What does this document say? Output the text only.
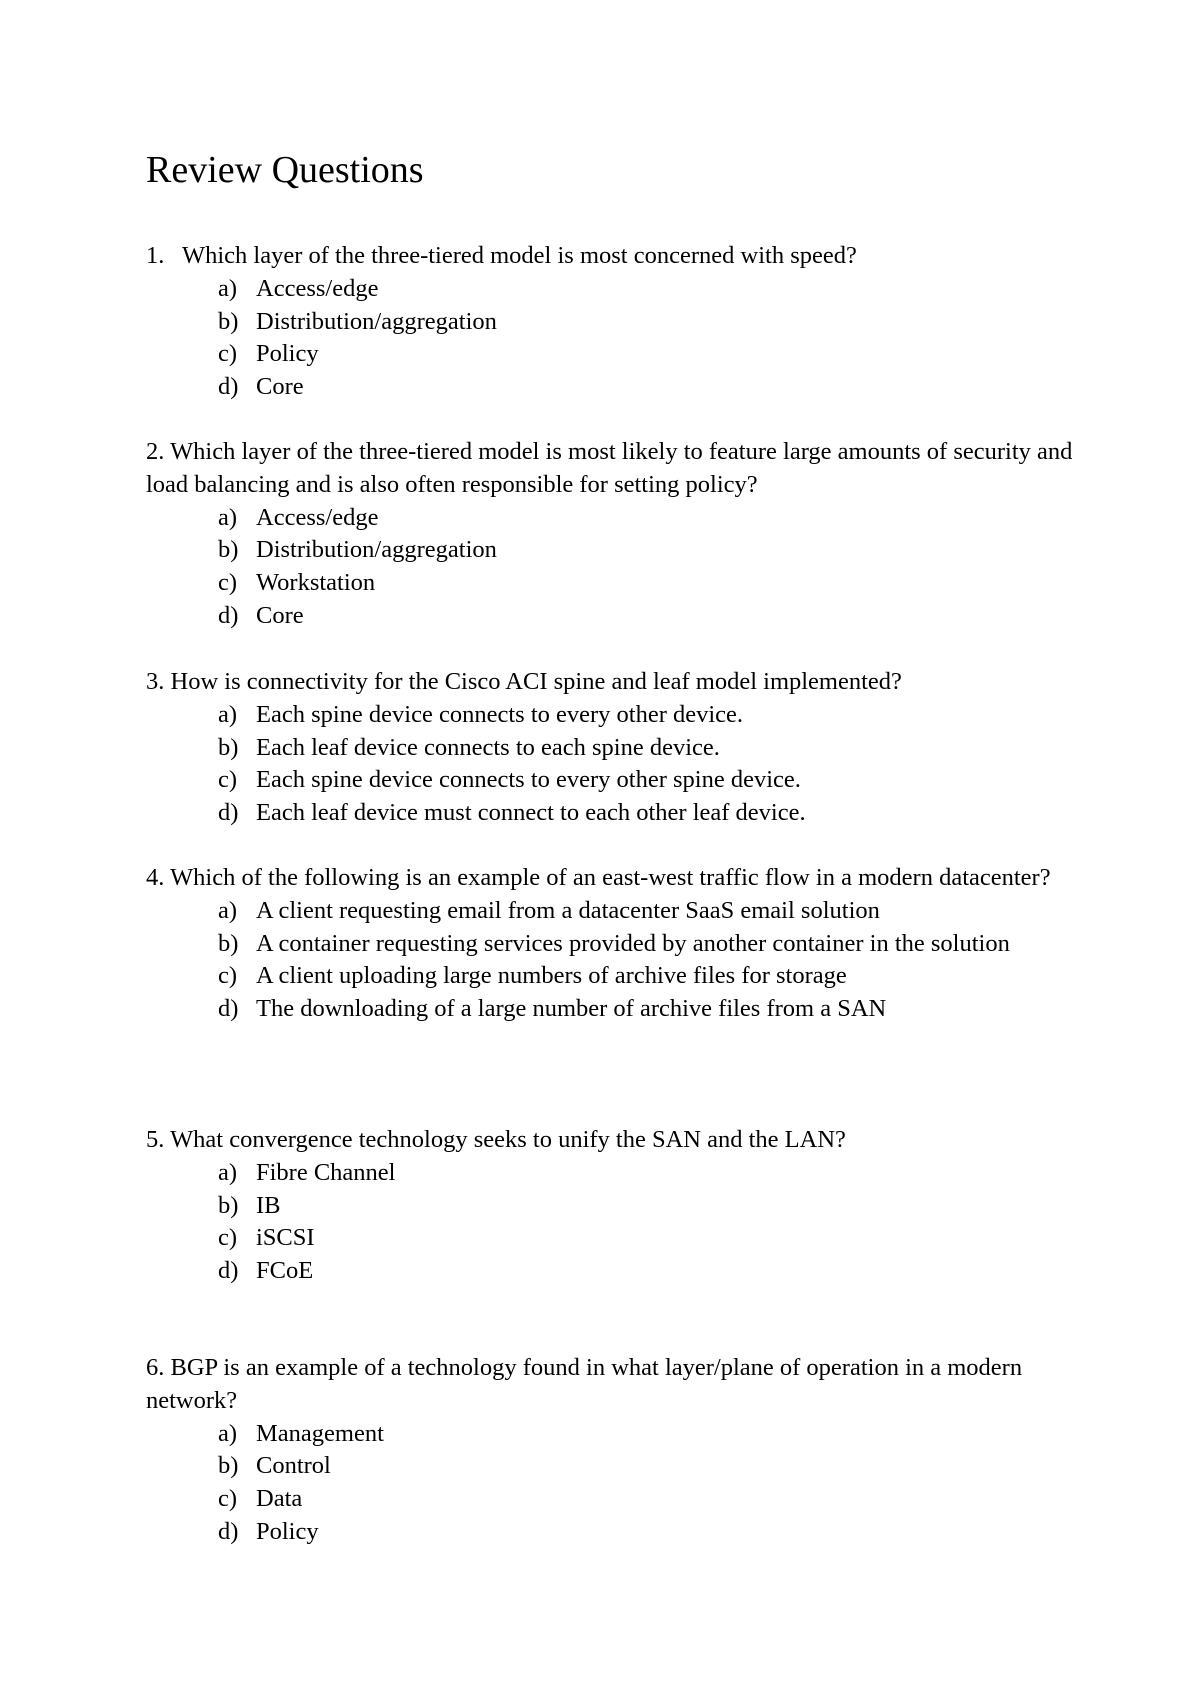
Review Questions

1. Which layer of the three-tiered model is most concerned with speed?

a) Access/edge
b) Distribution/aggregation
c) Policy
d) Core

2. Which layer of the three-tiered model is most likely to feature large amounts of security and load balancing and is also often responsible for setting policy?

a) Access/edge
b) Distribution/aggregation
c) Workstation
d) Core

3. How is connectivity for the Cisco ACI spine and leaf model implemented?

a) Each spine device connects to every other device.
b) Each leaf device connects to each spine device.
c) Each spine device connects to every other spine device.
d) Each leaf device must connect to each other leaf device.

4. Which of the following is an example of an east-west traffic flow in a modern datacenter?

a) A client requesting email from a datacenter SaaS email solution
b) A container requesting services provided by another container in the solution
c) A client uploading large numbers of archive files for storage
d) The downloading of a large number of archive files from a SAN

5. What convergence technology seeks to unify the SAN and the LAN?

a) Fibre Channel
b) IB
c) iSCSI
d) FCoE

6. BGP is an example of a technology found in what layer/plane of operation in a modern network?

a) Management
b) Control
c) Data
d) Policy
